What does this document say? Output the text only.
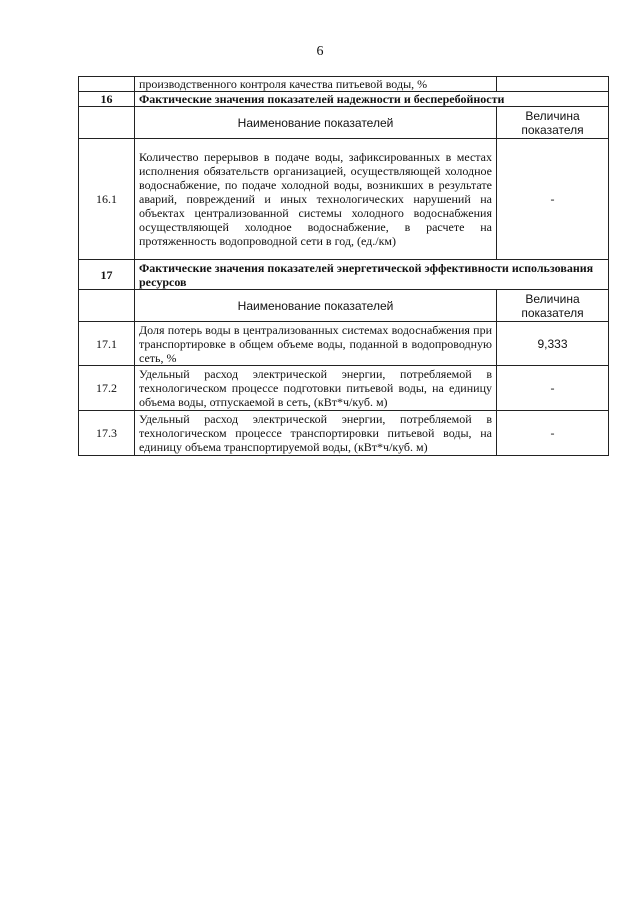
6
	производственного контроля качества питьевой воды, %	
16	Фактические значения показателей надежности и бесперебойности	
	Наименование показателей	Величина показателя
16.1	Количество перерывов в подаче воды, зафиксированных в местах исполнения обязательств организацией, осуществляющей холодное водоснабжение, по подаче холодной воды, возникших в результате аварий, повреждений и иных технологических нарушений на объектах централизованной системы холодного водоснабжения осуществляющей холодное водоснабжение, в расчете на протяженность водопроводной сети в год, (ед./км)	-
17	Фактические значения показателей энергетической эффективности использования ресурсов	
	Наименование показателей	Величина показателя
17.1	Доля потерь воды в централизованных системах водоснабжения при транспортировке в общем объеме воды, поданной в водопроводную сеть, %	9,333
17.2	Удельный расход электрической энергии, потребляемой в технологическом процессе подготовки питьевой воды, на единицу объема воды, отпускаемой в сеть, (кВт*ч/куб. м)	-
17.3	Удельный расход электрической энергии, потребляемой в технологическом процессе транспортировки питьевой воды, на единицу объема транспортируемой воды, (кВт*ч/куб. м)	-
